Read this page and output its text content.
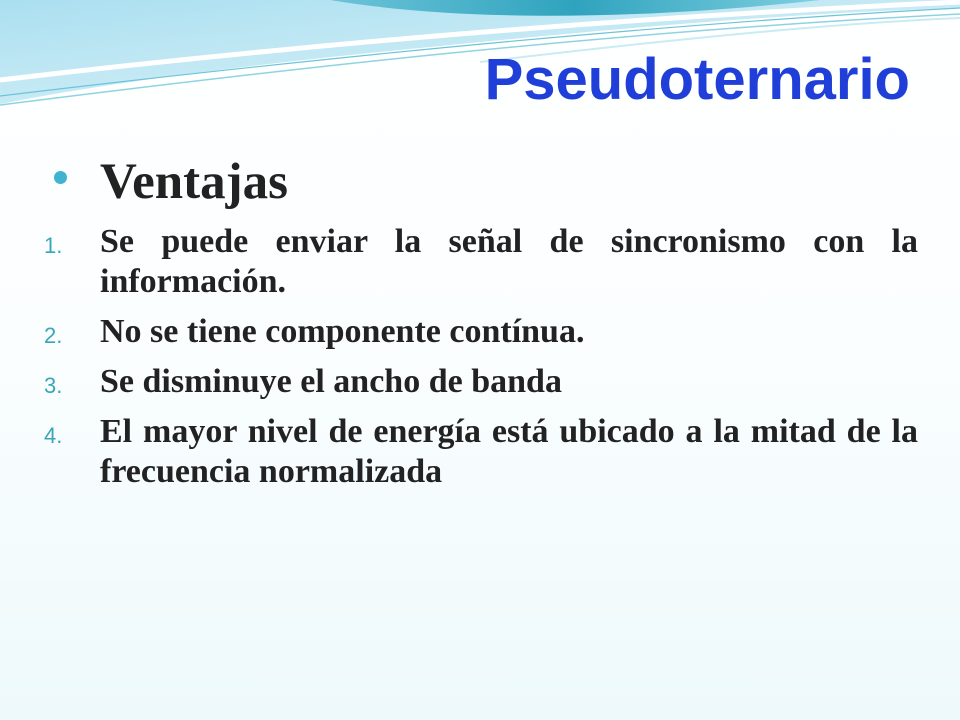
Pseudoternario
Ventajas
1. Se puede enviar la señal de sincronismo con la información.
2. No se tiene componente contínua.
3. Se disminuye el ancho de banda
4. El mayor nivel de energía está ubicado a la mitad de la frecuencia normalizada
